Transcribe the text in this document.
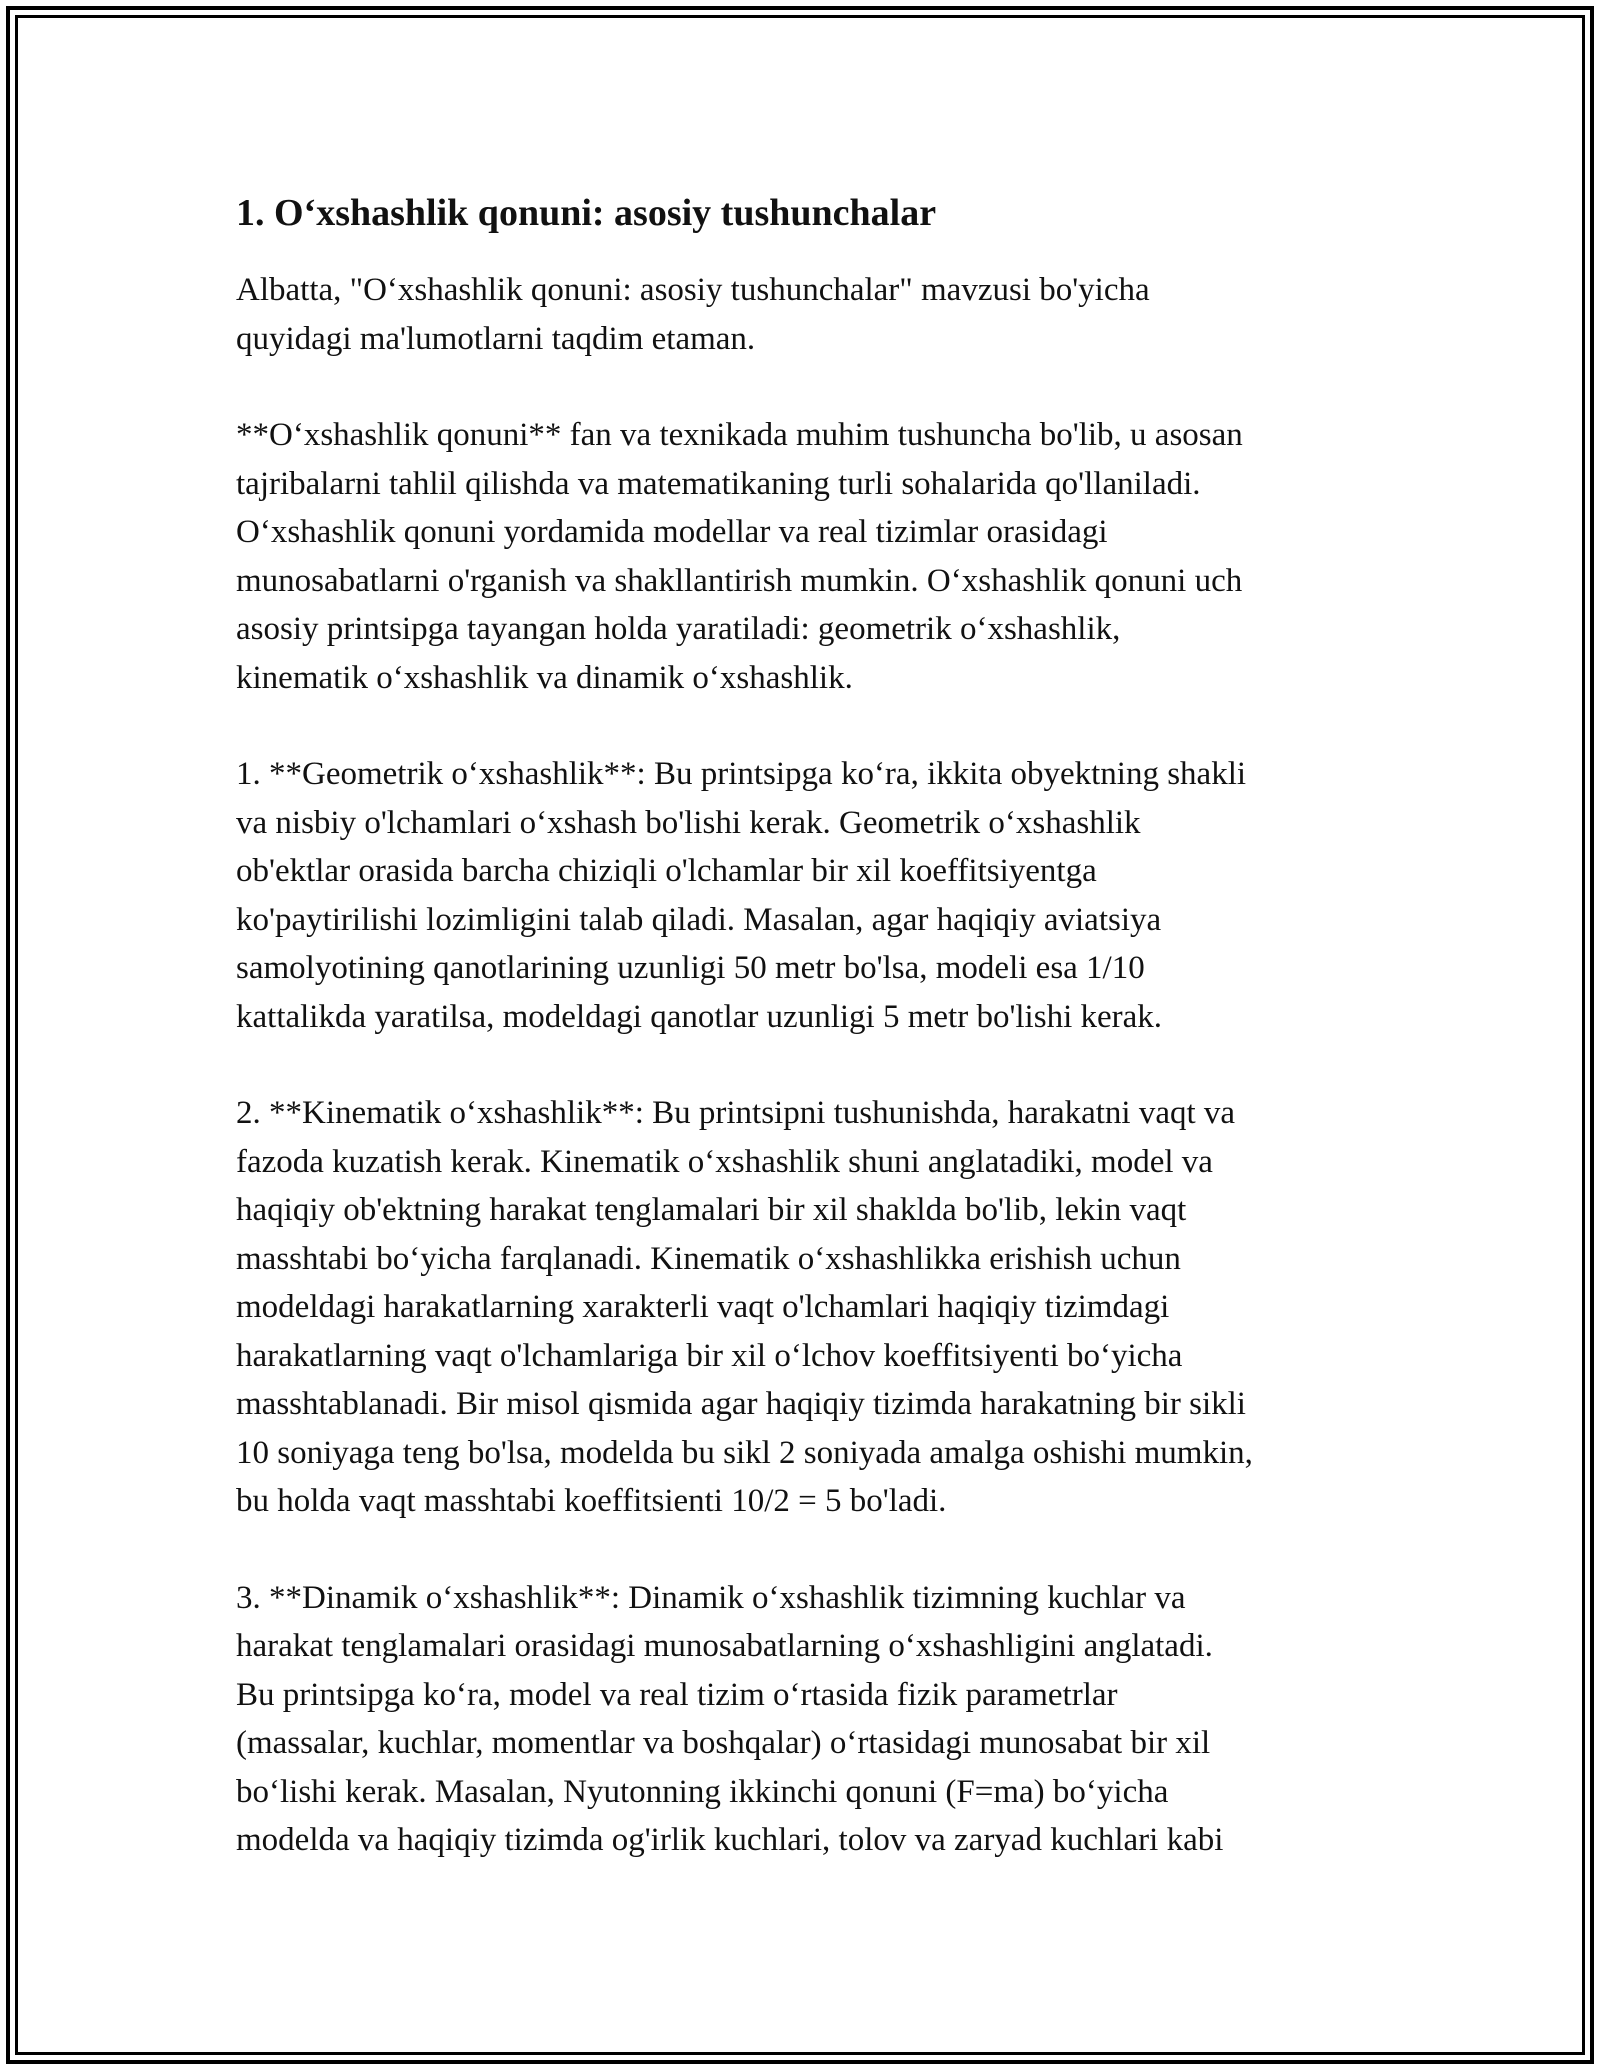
1. O‘xshashlik qonuni: asosiy tushunchalar

Albatta, "O‘xshashlik qonuni: asosiy tushunchalar" mavzusi bo'yicha
quyidagi ma'lumotlarni taqdim etaman.

**O‘xshashlik qonuni** fan va texnikada muhim tushuncha bo'lib, u asosan
tajribalarni tahlil qilishda va matematikaning turli sohalarida qo'llaniladi.
O‘xshashlik qonuni yordamida modellar va real tizimlar orasidagi
munosabatlarni o'rganish va shakllantirish mumkin. O‘xshashlik qonuni uch
asosiy printsipga tayangan holda yaratiladi: geometrik o‘xshashlik,
kinematik o‘xshashlik va dinamik o‘xshashlik.

1. **Geometrik o‘xshashlik**: Bu printsipga ko‘ra, ikkita obyektning shakli
va nisbiy o'lchamlari o‘xshash bo'lishi kerak. Geometrik o‘xshashlik
ob'ektlar orasida barcha chiziqli o'lchamlar bir xil koeffitsiyentga
ko'paytirilishi lozimligini talab qiladi. Masalan, agar haqiqiy aviatsiya
samolyotining qanotlarining uzunligi 50 metr bo'lsa, modeli esa 1/10
kattalikda yaratilsa, modeldagi qanotlar uzunligi 5 metr bo'lishi kerak.

2. **Kinematik o‘xshashlik**: Bu printsipni tushunishda, harakatni vaqt va
fazoda kuzatish kerak. Kinematik o‘xshashlik shuni anglatadiki, model va
haqiqiy ob'ektning harakat tenglamalari bir xil shaklda bo'lib, lekin vaqt
masshtabi bo‘yicha farqlanadi. Kinematik o‘xshashlikka erishish uchun
modeldagi harakatlarning xarakterli vaqt o'lchamlari haqiqiy tizimdagi
harakatlarning vaqt o'lchamlariga bir xil o‘lchov koeffitsiyenti bo‘yicha
masshtablanadi. Bir misol qismida agar haqiqiy tizimda harakatning bir sikli
10 soniyaga teng bo'lsa, modelda bu sikl 2 soniyada amalga oshishi mumkin,
bu holda vaqt masshtabi koeffitsienti 10/2 = 5 bo'ladi.

3. **Dinamik o‘xshashlik**: Dinamik o‘xshashlik tizimning kuchlar va
harakat tenglamalari orasidagi munosabatlarning o‘xshashligini anglatadi.
Bu printsipga ko‘ra, model va real tizim o‘rtasida fizik parametrlar
(massalar, kuchlar, momentlar va boshqalar) o‘rtasidagi munosabat bir xil
bo‘lishi kerak. Masalan, Nyutonning ikkinchi qonuni (F=ma) bo‘yicha
modelda va haqiqiy tizimda og'irlik kuchlari, tolov va zaryad kuchlari kabi
